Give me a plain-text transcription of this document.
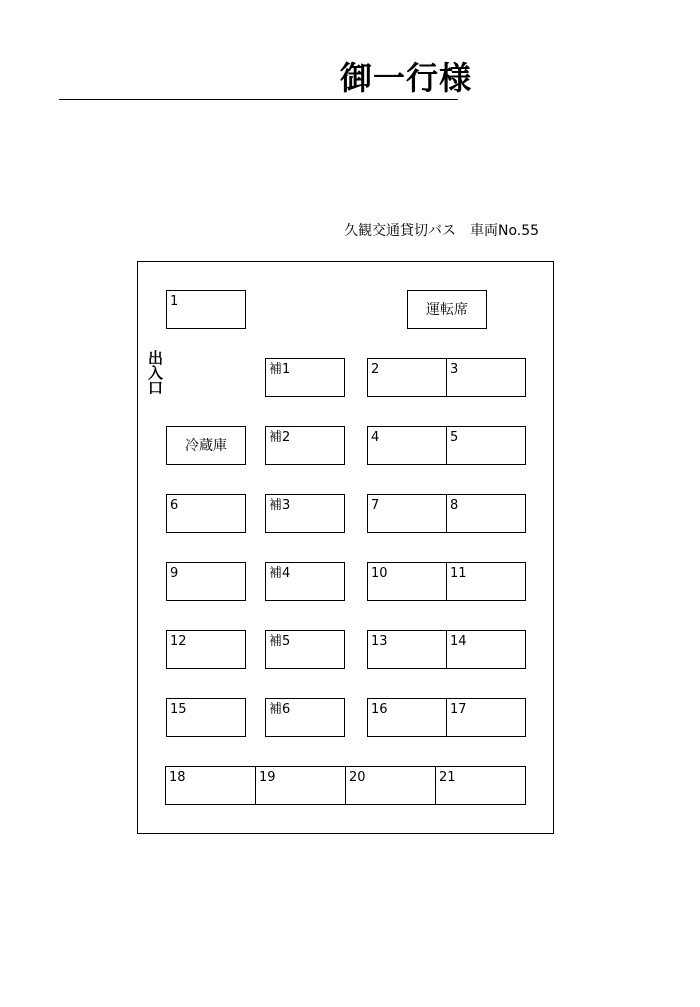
御一行様
久観交通貸切バス　車両No.55
出入口
1	運転席
補1	2	3
冷蔵庫	補2	4	5
6	補3	7	8
9	補4	10	11
12	補5	13	14
15	補6	16	17
18	19	20	21
